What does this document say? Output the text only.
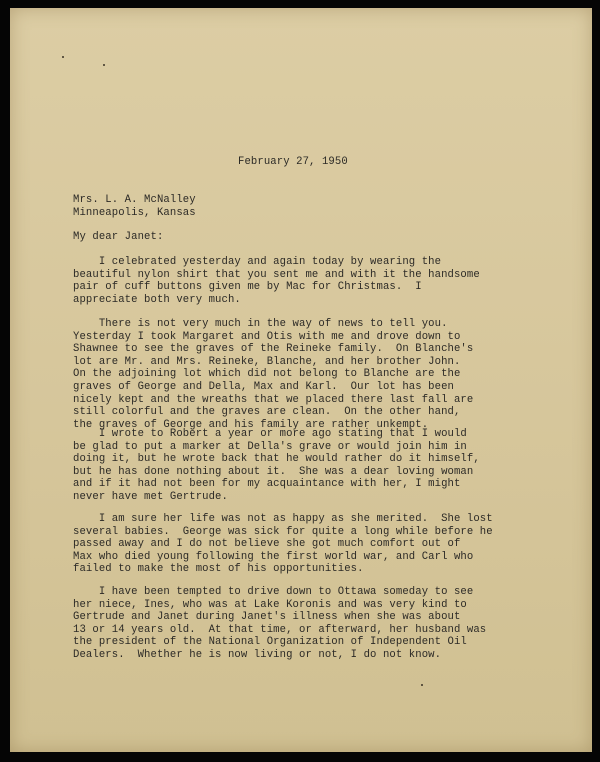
February 27, 1950
Mrs. L. A. McNalley
Minneapolis, Kansas
My dear Janet:
I celebrated yesterday and again today by wearing the
beautiful nylon shirt that you sent me and with it the handsome
pair of cuff buttons given me by Mac for Christmas.  I
appreciate both very much.
There is not very much in the way of news to tell you.
Yesterday I took Margaret and Otis with me and drove down to
Shawnee to see the graves of the Reineke family.  On Blanche's
lot are Mr. and Mrs. Reineke, Blanche, and her brother John.
On the adjoining lot which did not belong to Blanche are the
graves of George and Della, Max and Karl.  Our lot has been
nicely kept and the wreaths that we placed there last fall are
still colorful and the graves are clean.  On the other hand,
the graves of George and his family are rather unkempt.
I wrote to Robert a year or more ago stating that I would
be glad to put a marker at Della's grave or would join him in
doing it, but he wrote back that he would rather do it himself,
but he has done nothing about it.  She was a dear loving woman
and if it had not been for my acquaintance with her, I might
never have met Gertrude.
I am sure her life was not as happy as she merited.  She lost
several babies.  George was sick for quite a long while before he
passed away and I do not believe she got much comfort out of
Max who died young following the first world war, and Carl who
failed to make the most of his opportunities.
I have been tempted to drive down to Ottawa someday to see
her niece, Ines, who was at Lake Koronis and was very kind to
Gertrude and Janet during Janet's illness when she was about
13 or 14 years old.  At that time, or afterward, her husband was
the president of the National Organization of Independent Oil
Dealers.  Whether he is now living or not, I do not know.
